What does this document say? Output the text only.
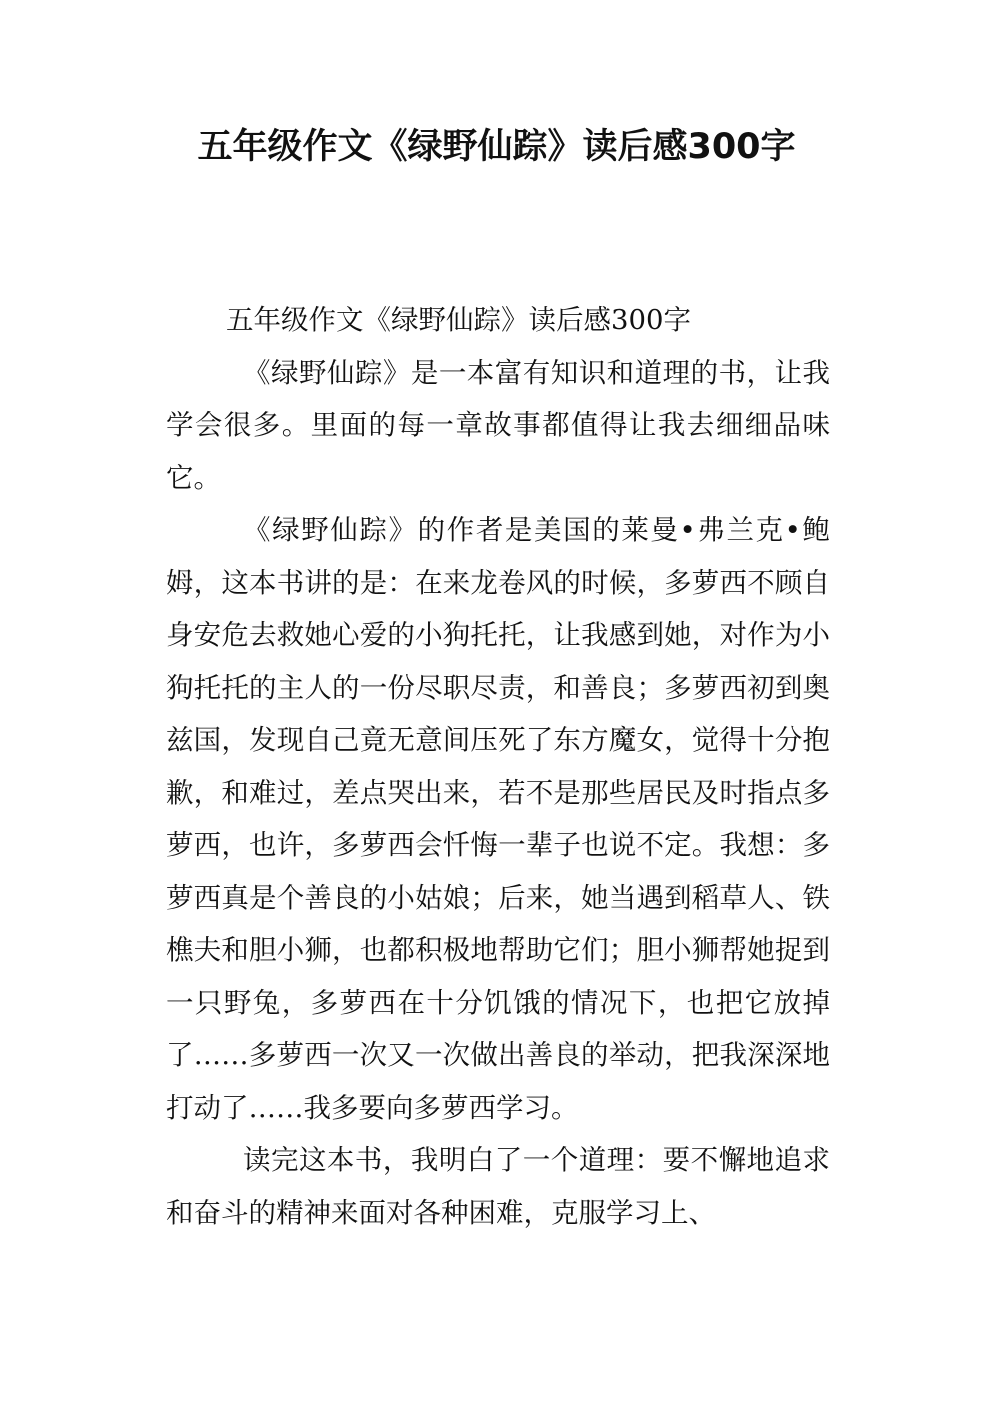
五年级作文《绿野仙踪》读后感300字

五年级作文《绿野仙踪》读后感300字

《绿野仙踪》是一本富有知识和道理的书，让我学会很多。里面的每一章故事都值得让我去细细品味它。

《绿野仙踪》的作者是美国的莱曼•弗兰克•鲍姆，这本书讲的是：在来龙卷风的时候，多萝西不顾自身安危去救她心爱的小狗托托，让我感到她，对作为小狗托托的主人的一份尽职尽责，和善良；多萝西初到奥兹国，发现自己竟无意间压死了东方魔女，觉得十分抱歉，和难过，差点哭出来，若不是那些居民及时指点多萝西，也许，多萝西会忏悔一辈子也说不定。我想：多萝西真是个善良的小姑娘；后来，她当遇到稻草人、铁樵夫和胆小狮，也都积极地帮助它们；胆小狮帮她捉到一只野兔，多萝西在十分饥饿的情况下，也把它放掉了……多萝西一次又一次做出善良的举动，把我深深地打动了……我多要向多萝西学习。

读完这本书，我明白了一个道理：要不懈地追求和奋斗的精神来面对各种困难，克服学习上、
